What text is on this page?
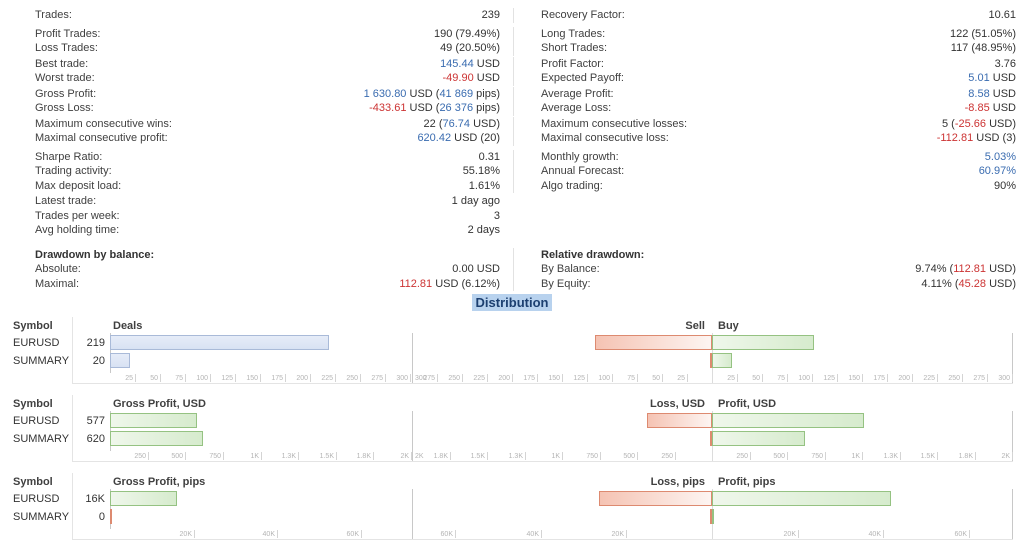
Trades:	239
Profit Trades:	190 (79.49%)
Loss Trades:	49 (20.50%)
Best trade:	145.44 USD
Worst trade:	-49.90 USD
Gross Profit:	1 630.80 USD (41 869 pips)
Gross Loss:	-433.61 USD (26 376 pips)
Maximum consecutive wins:	22 (76.74 USD)
Maximal consecutive profit:	620.42 USD (20)
Sharpe Ratio:	0.31
Trading activity:	55.18%
Max deposit load:	1.61%
Latest trade:	1 day ago
Trades per week:	3
Avg holding time:	2 days
Drawdown by balance:
Absolute:	0.00 USD
Maximal:	112.81 USD (6.12%)
Recovery Factor:	10.61
Long Trades:	122 (51.05%)
Short Trades:	117 (48.95%)
Profit Factor:	3.76
Expected Payoff:	5.01 USD
Average Profit:	8.58 USD
Average Loss:	-8.85 USD
Maximum consecutive losses:	5 (-25.66 USD)
Maximal consecutive loss:	-112.81 USD (3)
Monthly growth:	5.03%
Annual Forecast:	60.97%
Algo trading:	90%
Relative drawdown:
By Balance:	9.74% (112.81 USD)
By Equity:	4.11% (45.28 USD)
Distribution
Symbol	Deals	Sell Buy
EURUSD	219
SUMMARY	20
25	50	75	100	125	150	175	200	225	250	275	300	25
50
75
100
125
150
175
200
225
250
275
300	25	50	75	100	125	150	175	200	225	250	275	300
Symbol	Gross Profit, USD	Loss, USD Profit, USD
EURUSD	577
SUMMARY	620
250	500	750	1K	1.3K	1.5K	1.8K	2K	250
500
750
1K
1.3K
1.5K
1.8K
2K	250	500	750	1K	1.3K	1.5K	1.8K	2K
Symbol	Gross Profit, pips	Loss, pips Profit, pips
EURUSD	16K
SUMMARY	0
20K	40K	60K	20K
40K
60K	20K	40K	60K
